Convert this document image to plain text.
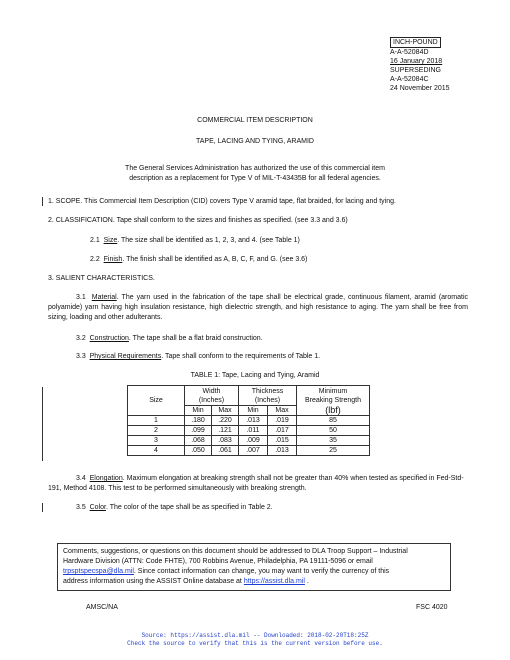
INCH-POUND
A-A-52084D
16 January 2018
SUPERSEDING
A-A-52084C
24 November 2015
COMMERCIAL ITEM DESCRIPTION
TAPE, LACING AND TYING, ARAMID
The General Services Administration has authorized the use of this commercial item
description as a replacement for Type V of MIL-T-43435B for all federal agencies.
1. SCOPE. This Commercial Item Description (CID) covers Type V aramid tape, flat braided, for lacing and tying.
2. CLASSIFICATION. Tape shall conform to the sizes and finishes as specified. (see 3.3 and 3.6)
2.1 Size. The size shall be identified as 1, 2, 3, and 4. (see Table 1)
2.2 Finish. The finish shall be identified as A, B, C, F, and G. (see 3.6)
3. SALIENT CHARACTERISTICS.
3.1 Material. The yarn used in the fabrication of the tape shall be electrical grade, continuous filament, aramid (aromatic polyamide) yarn having high insulation resistance, high dielectric strength, and high resistance to aging. The yarn shall be free from sizing, loading and other adulterants.
3.2 Construction. The tape shall be a flat braid construction.
3.3 Physical Requirements. Tape shall conform to the requirements of Table 1.
TABLE 1: Tape, Lacing and Tying, Aramid
Size	Width		Thickness		Minimum
	(Inches)		(Inches)		Breaking Strength
	Min	Max	Min	Max	(lbf)
1	.180	.220	.013	.019	85
2	.099	.121	.011	.017	50
3	.068	.083	.009	.015	35
4	.050	.061	.007	.013	25
3.4 Elongation. Maximum elongation at breaking strength shall not be greater than 40% when tested as specified in Fed-Std-191, Method 4108. This test to be performed simultaneously with breaking strength.
3.5 Color. The color of the tape shall be as specified in Table 2.
Comments, suggestions, or questions on this document should be addressed to DLA Troop Support – Industrial
Hardware Division (ATTN: Code FHTE), 700 Robbins Avenue, Philadelphia, PA 19111-5096 or email
trpsptspecspa@dla.mil. Since contact information can change, you may want to verify the currency of this
address information using the ASSIST Online database at https://assist.dla.mil .
AMSC/NA	FSC 4020
Source: https://assist.dla.mil -- Downloaded: 2018-02-20T18:25Z
Check the source to verify that this is the current version before use.
